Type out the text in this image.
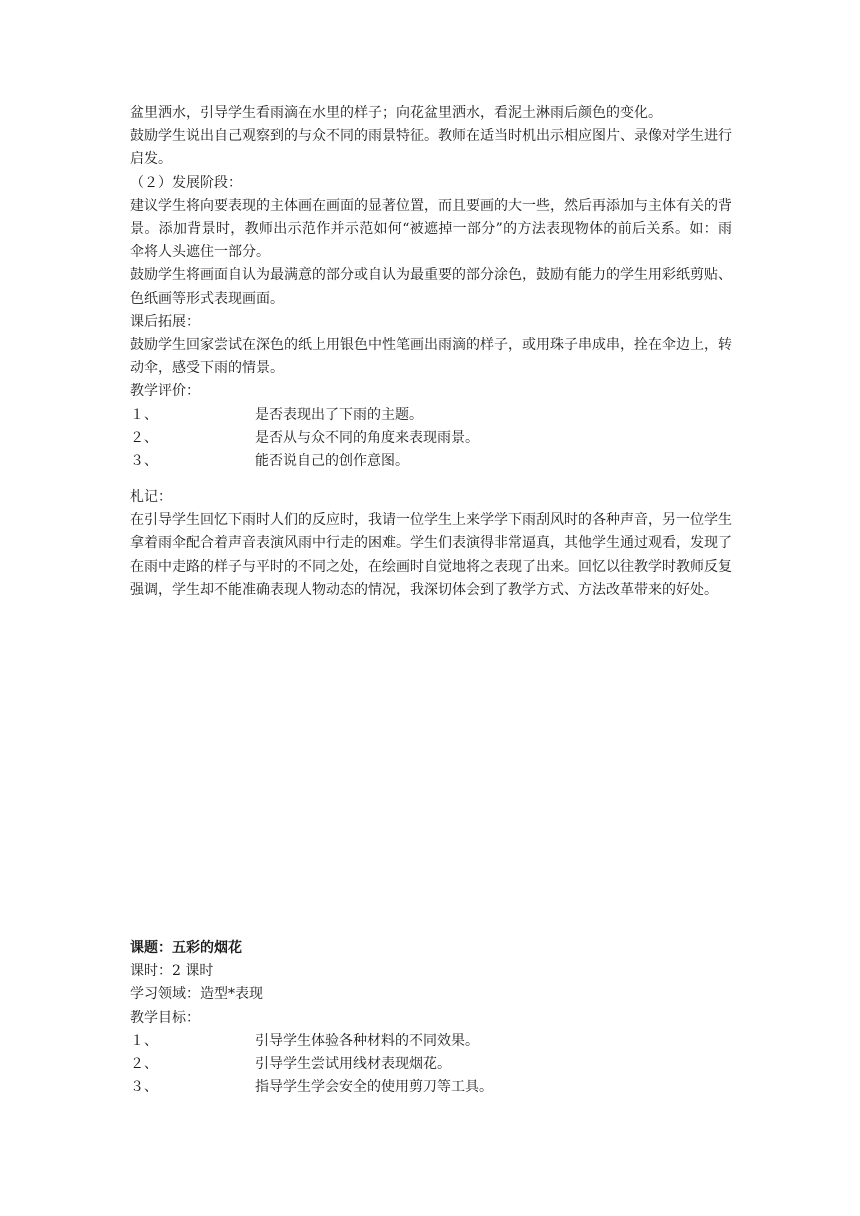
盆里洒水，引导学生看雨滴在水里的样子；向花盆里洒水，看泥土淋雨后颜色的变化。

鼓励学生说出自己观察到的与众不同的雨景特征。教师在适当时机出示相应图片、录像对学生进行启发。

（２）发展阶段：

建议学生将向要表现的主体画在画面的显著位置，而且要画的大一些，然后再添加与主体有关的背景。添加背景时，教师出示范作并示范如何“被遮掉一部分”的方法表现物体的前后关系。如：雨伞将人头遮住一部分。

鼓励学生将画面自认为最满意的部分或自认为最重要的部分涂色，鼓励有能力的学生用彩纸剪贴、色纸画等形式表现画面。

课后拓展：

鼓励学生回家尝试在深色的纸上用银色中性笔画出雨滴的样子，或用珠子串成串，拴在伞边上，转动伞，感受下雨的情景。

教学评价：

１、	是否表现出了下雨的主题。
２、	是否从与众不同的角度来表现雨景。
３、	能否说自己的创作意图。

札记：

在引导学生回忆下雨时人们的反应时，我请一位学生上来学学下雨刮风时的各种声音，另一位学生拿着雨伞配合着声音表演风雨中行走的困难。学生们表演得非常逼真，其他学生通过观看，发现了在雨中走路的样子与平时的不同之处，在绘画时自觉地将之表现了出来。回忆以往教学时教师反复强调，学生却不能准确表现人物动态的情况，我深切体会到了教学方式、方法改革带来的好处。

课题：五彩的烟花

课时：2 课时

学习领域：造型*表现

教学目标：

１、	引导学生体验各种材料的不同效果。
２、	引导学生尝试用线材表现烟花。
３、	指导学生学会安全的使用剪刀等工具。
